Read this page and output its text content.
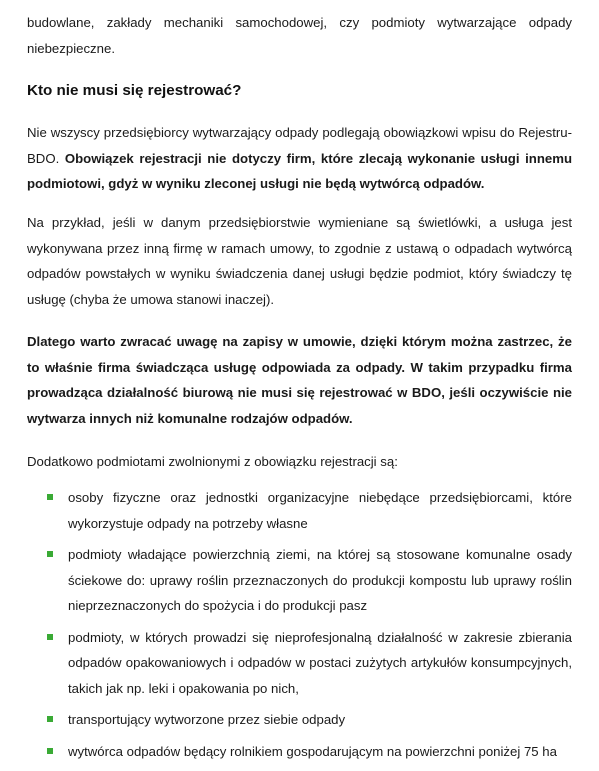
budowlane, zakłady mechaniki samochodowej, czy podmioty wytwarzające odpady niebezpieczne.

Kto nie musi się rejestrować?

Nie wszyscy przedsiębiorcy wytwarzający odpady podlegają obowiązkowi wpisu do Rejestru-BDO. Obowiązek rejestracji nie dotyczy firm, które zlecają wykonanie usługi innemu podmiotowi, gdyż w wyniku zleconej usługi nie będą wytwórcą odpadów.

Na przykład, jeśli w danym przedsiębiorstwie wymieniane są świetlówki, a usługa jest wykonywana przez inną firmę w ramach umowy, to zgodnie z ustawą o odpadach wytwórcą odpadów powstałych w wyniku świadczenia danej usługi będzie podmiot, który świadczy tę usługę (chyba że umowa stanowi inaczej).

Dlatego warto zwracać uwagę na zapisy w umowie, dzięki którym można zastrzec, że to właśnie firma świadcząca usługę odpowiada za odpady. W takim przypadku firma prowadząca działalność biurową nie musi się rejestrować w BDO, jeśli oczywiście nie wytwarza innych niż komunalne rodzajów odpadów.

Dodatkowo podmiotami zwolnionymi z obowiązku rejestracji są:

osoby fizyczne oraz jednostki organizacyjne niebędące przedsiębiorcami, które wykorzystuje odpady na potrzeby własne
podmioty władające powierzchnią ziemi, na której są stosowane komunalne osady ściekowe do: uprawy roślin przeznaczonych do produkcji kompostu lub uprawy roślin nieprzeznaczonych do spożycia i do produkcji pasz
podmioty, w których prowadzi się nieprofesjonalną działalność w zakresie zbierania odpadów opakowaniowych i odpadów w postaci zużytych artykułów konsumpcyjnych, takich jak np. leki i opakowania po nich,
transportujący wytworzone przez siebie odpady
wytwórca odpadów będący rolnikiem gospodarującym na powierzchni poniżej 75 ha
